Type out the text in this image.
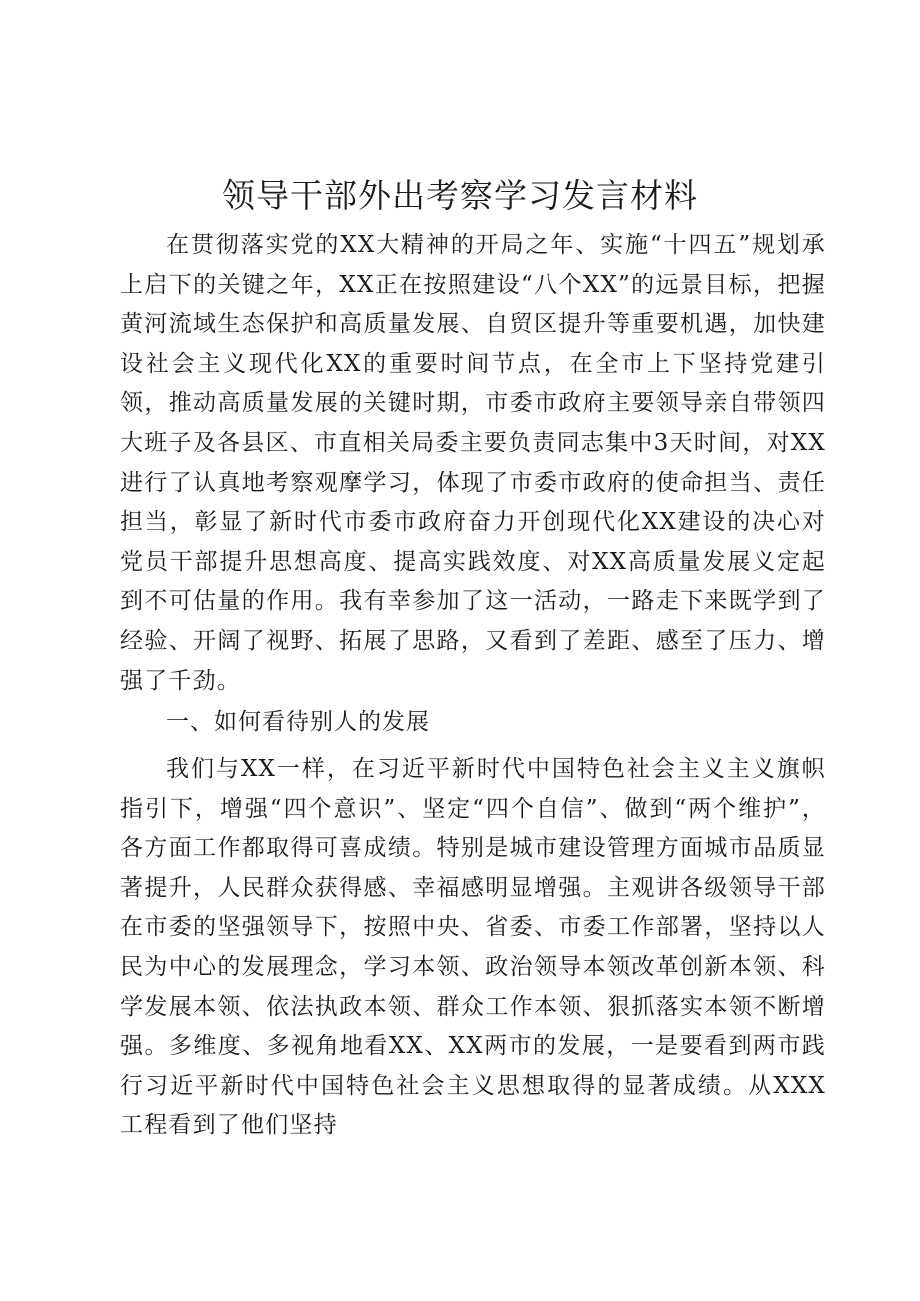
领导干部外出考察学习发言材料

在贯彻落实党的XX大精神的开局之年、实施“十四五”规划承上启下的关键之年，XX正在按照建设“八个XX”的远景目标，把握黄河流域生态保护和高质量发展、自贸区提升等重要机遇，加快建设社会主义现代化XX的重要时间节点，在全市上下坚持党建引领，推动高质量发展的关键时期，市委市政府主要领导亲自带领四大班子及各县区、市直相关局委主要负责同志集中3天时间，对XX进行了认真地考察观摩学习，体现了市委市政府的使命担当、责任担当，彰显了新时代市委市政府奋力开创现代化XX建设的决心对党员干部提升思想高度、提高实践效度、对XX高质量发展义定起到不可估量的作用。我有幸参加了这一活动，一路走下来既学到了经验、开阔了视野、拓展了思路，又看到了差距、感至了压力、增强了千劲。

一、如何看待别人的发展

我们与XX一样，在习近平新时代中国特色社会主义主义旗帜指引下，增强“四个意识”、坚定“四个自信”、做到“两个维护”，各方面工作都取得可喜成绩。特别是城市建设管理方面城市品质显著提升，人民群众获得感、幸福感明显增强。主观讲各级领导干部在市委的坚强领导下，按照中央、省委、市委工作部署，坚持以人民为中心的发展理念，学习本领、政治领导本领改革创新本领、科学发展本领、依法执政本领、群众工作本领、狠抓落实本领不断增强。多维度、多视角地看XX、XX两市的发展，一是要看到两市践行习近平新时代中国特色社会主义思想取得的显著成绩。从XXX工程看到了他们坚持
